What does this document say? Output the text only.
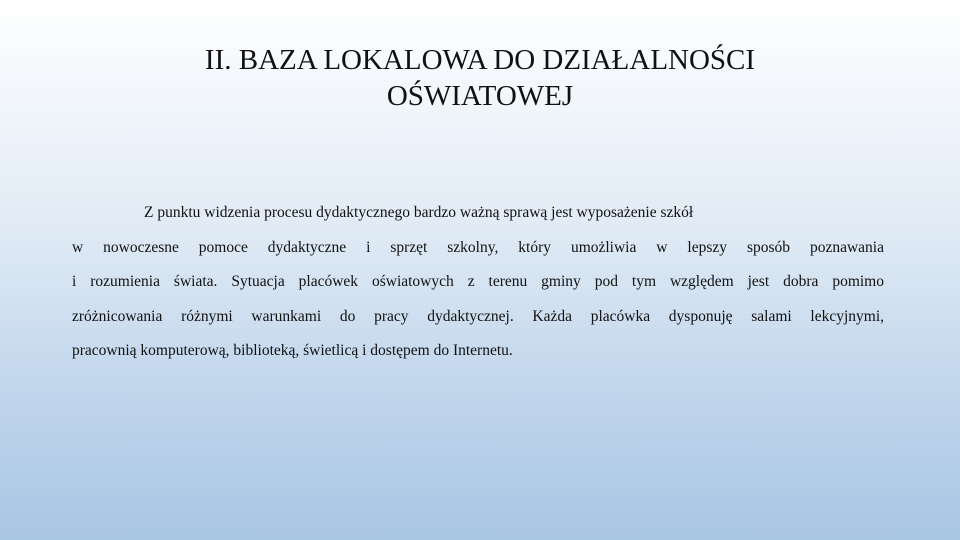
II. BAZA LOKALOWA DO DZIAŁALNOŚCI
OŚWIATOWEJ
Z punktu widzenia procesu dydaktycznego bardzo ważną sprawą jest wyposażenie szkół
w nowoczesne pomoce dydaktyczne i sprzęt szkolny, który umożliwia w lepszy sposób poznawania
i rozumienia świata. Sytuacja placówek oświatowych z terenu gminy pod tym względem jest dobra pomimo
zróżnicowania różnymi warunkami do pracy dydaktycznej. Każda placówka dysponuję salami lekcyjnymi,
pracownią komputerową, biblioteką, świetlicą i dostępem do Internetu.
